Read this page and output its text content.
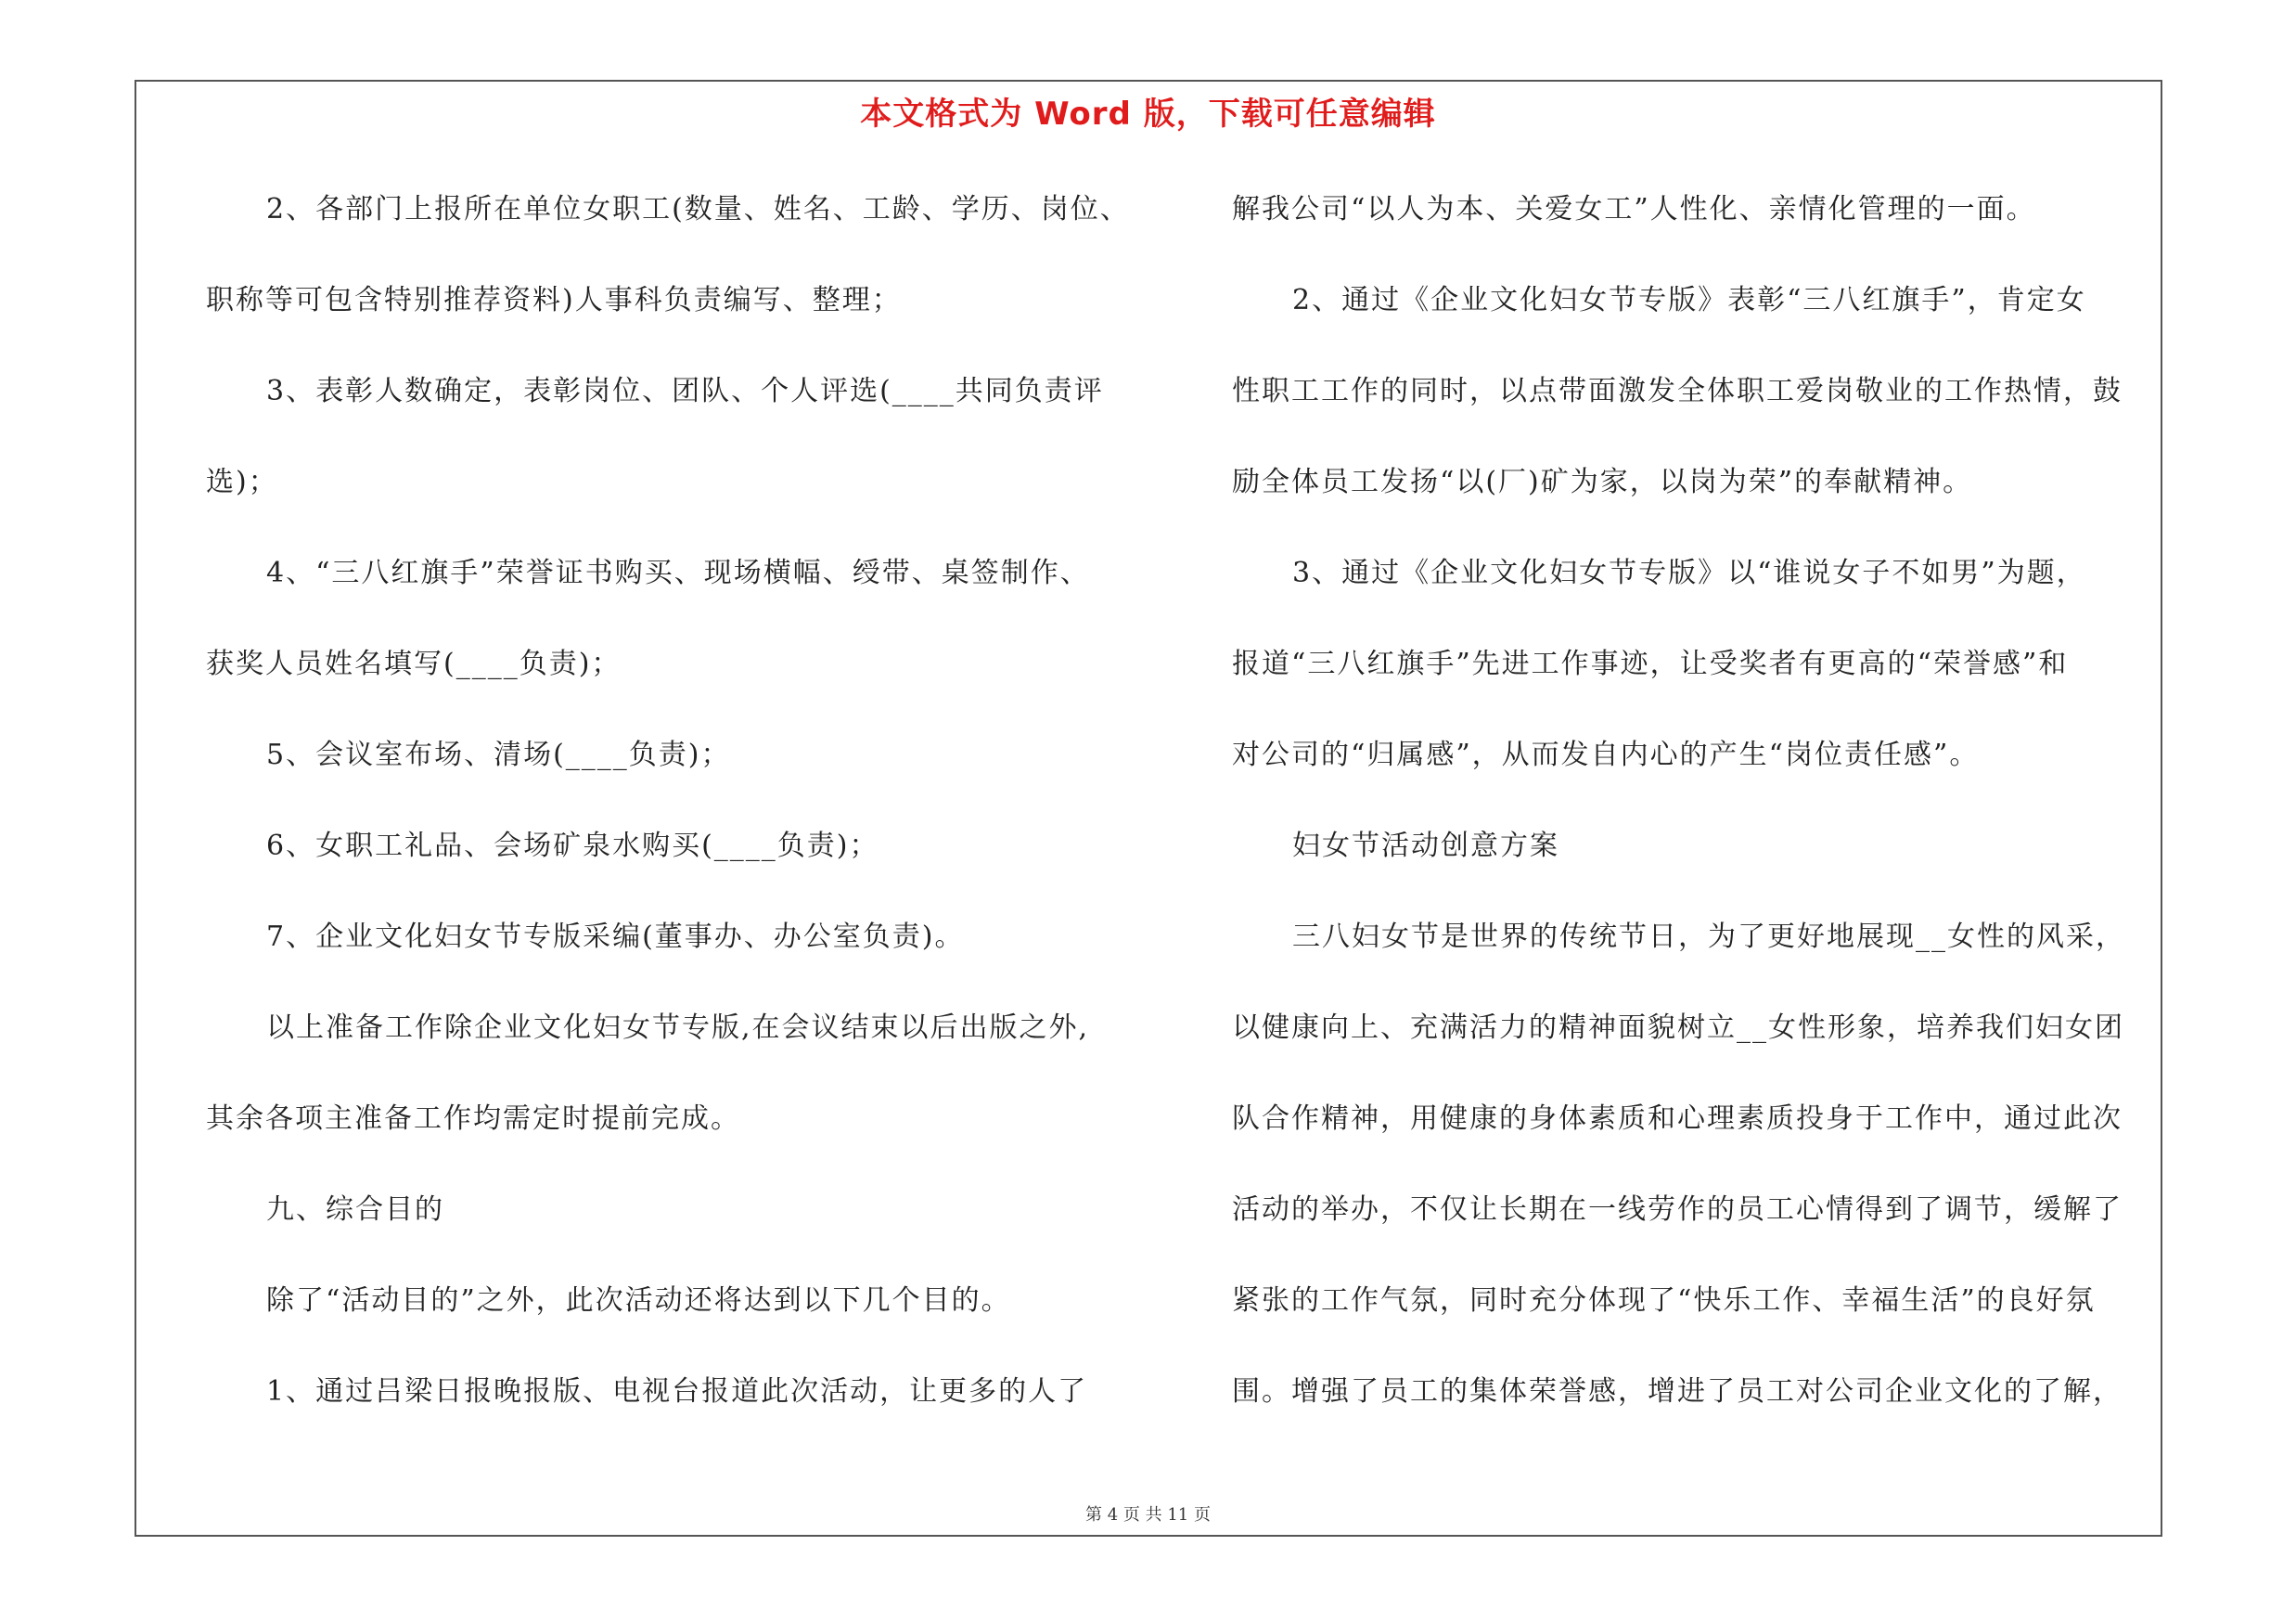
本文格式为 Word 版，下载可任意编辑
2、各部门上报所在单位女职工(数量、姓名、工龄、学历、岗位、
职称等可包含特别推荐资料)人事科负责编写、整理；
3、表彰人数确定，表彰岗位、团队、个人评选(____共同负责评
选)；
4、“三八红旗手”荣誉证书购买、现场横幅、绶带、桌签制作、
获奖人员姓名填写(____负责)；
5、会议室布场、清场(____负责)；
6、女职工礼品、会场矿泉水购买(____负责)；
7、企业文化妇女节专版采编(董事办、办公室负责)。
以上准备工作除企业文化妇女节专版,在会议结束以后出版之外,
其余各项主准备工作均需定时提前完成。
九、综合目的
除了“活动目的”之外，此次活动还将达到以下几个目的。
1、通过吕梁日报晚报版、电视台报道此次活动，让更多的人了
解我公司“以人为本、关爱女工”人性化、亲情化管理的一面。
2、通过《企业文化妇女节专版》表彰“三八红旗手”，肯定女
性职工工作的同时，以点带面激发全体职工爱岗敬业的工作热情，鼓
励全体员工发扬“以(厂)矿为家，以岗为荣”的奉献精神。
3、通过《企业文化妇女节专版》以“谁说女子不如男”为题，
报道“三八红旗手”先进工作事迹，让受奖者有更高的“荣誉感”和
对公司的“归属感”，从而发自内心的产生“岗位责任感”。
妇女节活动创意方案
三八妇女节是世界的传统节日，为了更好地展现__女性的风采，
以健康向上、充满活力的精神面貌树立__女性形象，培养我们妇女团
队合作精神，用健康的身体素质和心理素质投身于工作中，通过此次
活动的举办，不仅让长期在一线劳作的员工心情得到了调节，缓解了
紧张的工作气氛，同时充分体现了“快乐工作、幸福生活”的良好氛
围。增强了员工的集体荣誉感，增进了员工对公司企业文化的了解，
第 4 页 共 11 页
